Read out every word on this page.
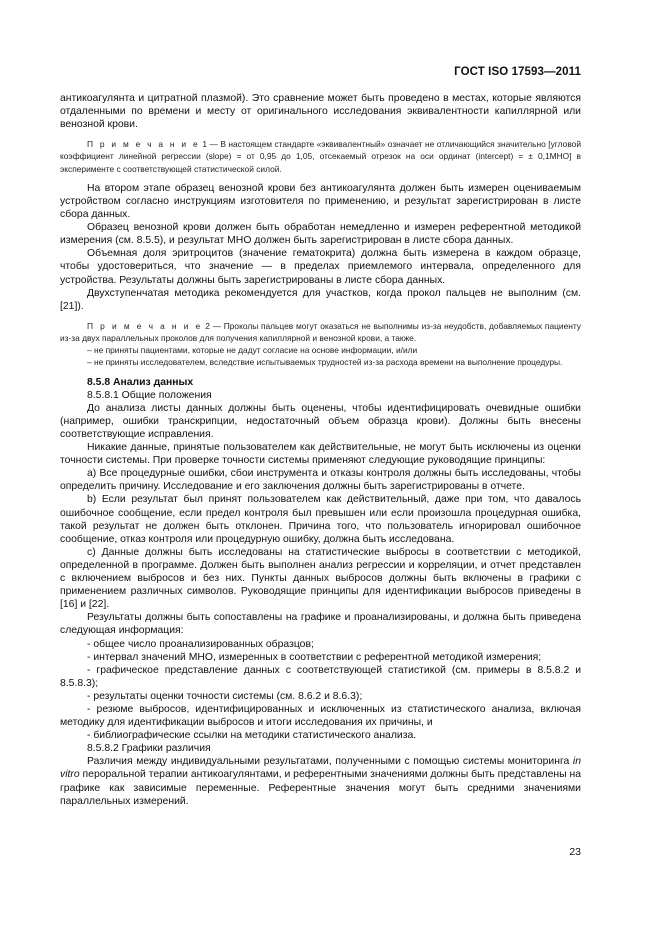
ГОСТ ISO 17593—2011

антикоагулянта и цитратной плазмой). Это сравнение может быть проведено в местах, которые являются отдаленными по времени и месту от оригинального исследования эквивалентности капиллярной или венозной крови.

П р и м е ч а н и е 1 — В настоящем стандарте «эквивалентный» означает не отличающийся значительно [угловой коэффициент линейной регрессии (slope) = от 0,95 до 1,05, отсекаемый отрезок на оси ординат (intercept) = ± 0,1МНО] в эксперименте с соответствующей статистической силой.

На втором этапе образец венозной крови без антикоагулянта должен быть измерен оцениваемым устройством согласно инструкциям изготовителя по применению, и результат зарегистрирован в листе сбора данных.

Образец венозной крови должен быть обработан немедленно и измерен референтной методикой измерения (см. 8.5.5), и результат МНО должен быть зарегистрирован в листе сбора данных.

Объемная доля эритроцитов (значение гематокрита) должна быть измерена в каждом образце, чтобы удостовериться, что значение — в пределах приемлемого интервала, определенного для устройства. Результаты должны быть зарегистрированы в листе сбора данных.

Двухступенчатая методика рекомендуется для участков, когда прокол пальцев не выполним (см. [21]).

П р и м е ч а н и е 2 — Проколы пальцев могут оказаться не выполнимы из-за неудобств, добавляемых пациенту из-за двух параллельных проколов для получения капиллярной и венозной крови, а также.

– не приняты пациентами, которые не дадут согласие на основе информации, и/или

– не приняты исследователем, вследствие испытываемых трудностей из-за расхода времени на выполнение процедуры.

8.5.8 Анализ данных

8.5.8.1 Общие положения

До анализа листы данных должны быть оценены, чтобы идентифицировать очевидные ошибки (например, ошибки транскрипции, недостаточный объем образца крови). Должны быть внесены соответствующие исправления.

Никакие данные, принятые пользователем как действительные, не могут быть исключены из оценки точности системы. При проверке точности системы применяют следующие руководящие принципы:

a) Все процедурные ошибки, сбои инструмента и отказы контроля должны быть исследованы, чтобы определить причину. Исследование и его заключения должны быть зарегистрированы в отчете.

b) Если результат был принят пользователем как действительный, даже при том, что давалось ошибочное сообщение, если предел контроля был превышен или если произошла процедурная ошибка, такой результат не должен быть отклонен. Причина того, что пользователь игнорировал ошибочное сообщение, отказ контроля или процедурную ошибку, должна быть исследована.

c) Данные должны быть исследованы на статистические выбросы в соответствии с методикой, определенной в программе. Должен быть выполнен анализ регрессии и корреляции, и отчет представлен с включением выбросов и без них. Пункты данных выбросов должны быть включены в графики с применением различных символов. Руководящие принципы для идентификации выбросов приведены в [16] и [22].

Результаты должны быть сопоставлены на графике и проанализированы, и должна быть приведена следующая информация:

- общее число проанализированных образцов;

- интервал значений МНО, измеренных в соответствии с референтной методикой измерения;

- графическое представление данных с соответствующей статистикой (см. примеры в 8.5.8.2 и 8.5.8.3);

- результаты оценки точности системы (см. 8.6.2 и 8.6.3);

- резюме выбросов, идентифицированных и исключенных из статистического анализа, включая методику для идентификации выбросов и итоги исследования их причины, и

- библиографические ссылки на методики статистического анализа.

8.5.8.2 Графики различия

Различия между индивидуальными результатами, полученными с помощью системы мониторинга in vitro пероральной терапии антикоагулянтами, и референтными значениями должны быть представлены на графике как зависимые переменные. Референтные значения могут быть средними значениями параллельных измерений.

23
